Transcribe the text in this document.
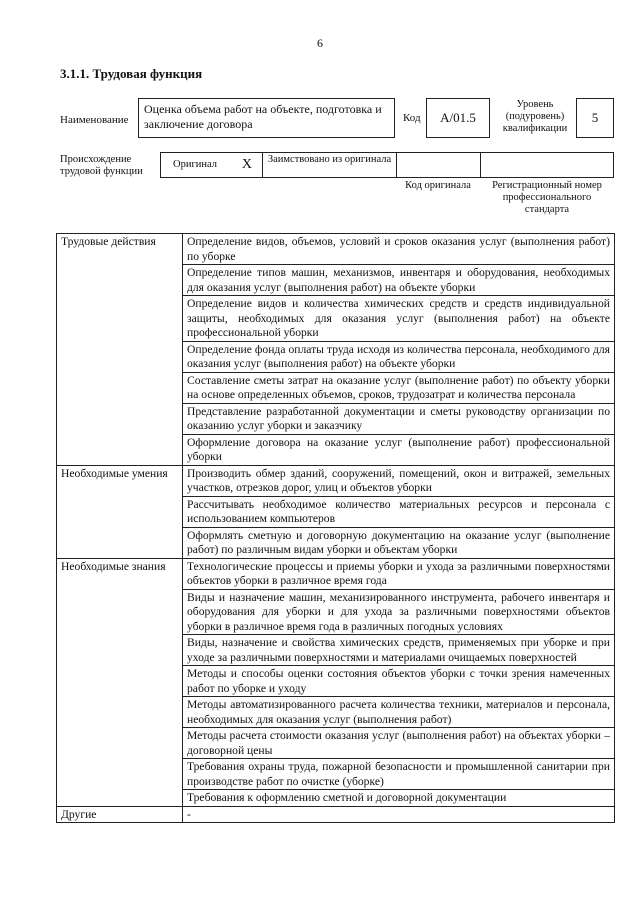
6
3.1.1. Трудовая функция
Наименование
Оценка объема работ на объекте, подготовка и заключение договора	Код	A/01.5
Уровень (подуровень) квалификации
5
Происхождение трудовой функции
Оригинал X	Заимствовано из оригинала
Код оригинала	Регистрационный номер профессионального стандарта
Трудовые действия	Определение видов, объемов, условий и сроков оказания услуг (выполнения работ) по уборке
	Определение типов машин, механизмов, инвентаря и оборудования, необходимых для оказания услуг (выполнения работ) на объекте уборки
	Определение видов и количества химических средств и средств индивидуальной защиты, необходимых для оказания услуг (выполнения работ) на объекте профессиональной уборки
	Определение фонда оплаты труда исходя из количества персонала, необходимого для оказания услуг (выполнения работ) на объекте уборки
	Составление сметы затрат на оказание услуг (выполнение работ) по объекту уборки на основе определенных объемов, сроков, трудозатрат и количества персонала
	Представление разработанной документации и сметы руководству организации по оказанию услуг уборки и заказчику
	Оформление договора на оказание услуг (выполнение работ) профессиональной уборки
Необходимые умения	Производить обмер зданий, сооружений, помещений, окон и витражей, земельных участков, отрезков дорог, улиц и объектов уборки
	Рассчитывать необходимое количество материальных ресурсов и персонала с использованием компьютеров
	Оформлять сметную и договорную документацию на оказание услуг (выполнение работ) по различным видам уборки и объектам уборки
Необходимые знания	Технологические процессы и приемы уборки и ухода за различными поверхностями объектов уборки в различное время года
	Виды и назначение машин, механизированного инструмента, рабочего инвентаря и оборудования для уборки и для ухода за различными поверхностями объектов уборки в различное время года в различных погодных условиях
	Виды, назначение и свойства химических средств, применяемых при уборке и при уходе за различными поверхностями и материалами очищаемых поверхностей
	Методы и способы оценки состояния объектов уборки с точки зрения намеченных работ по уборке и уходу
	Методы автоматизированного расчета количества техники, материалов и персонала, необходимых для оказания услуг (выполнения работ)
	Методы расчета стоимости оказания услуг (выполнения работ) на объектах уборки – договорной цены
	Требования охраны труда, пожарной безопасности и промышленной санитарии при производстве работ по очистке (уборке)
	Требования к оформлению сметной и договорной документации
Другие	-
